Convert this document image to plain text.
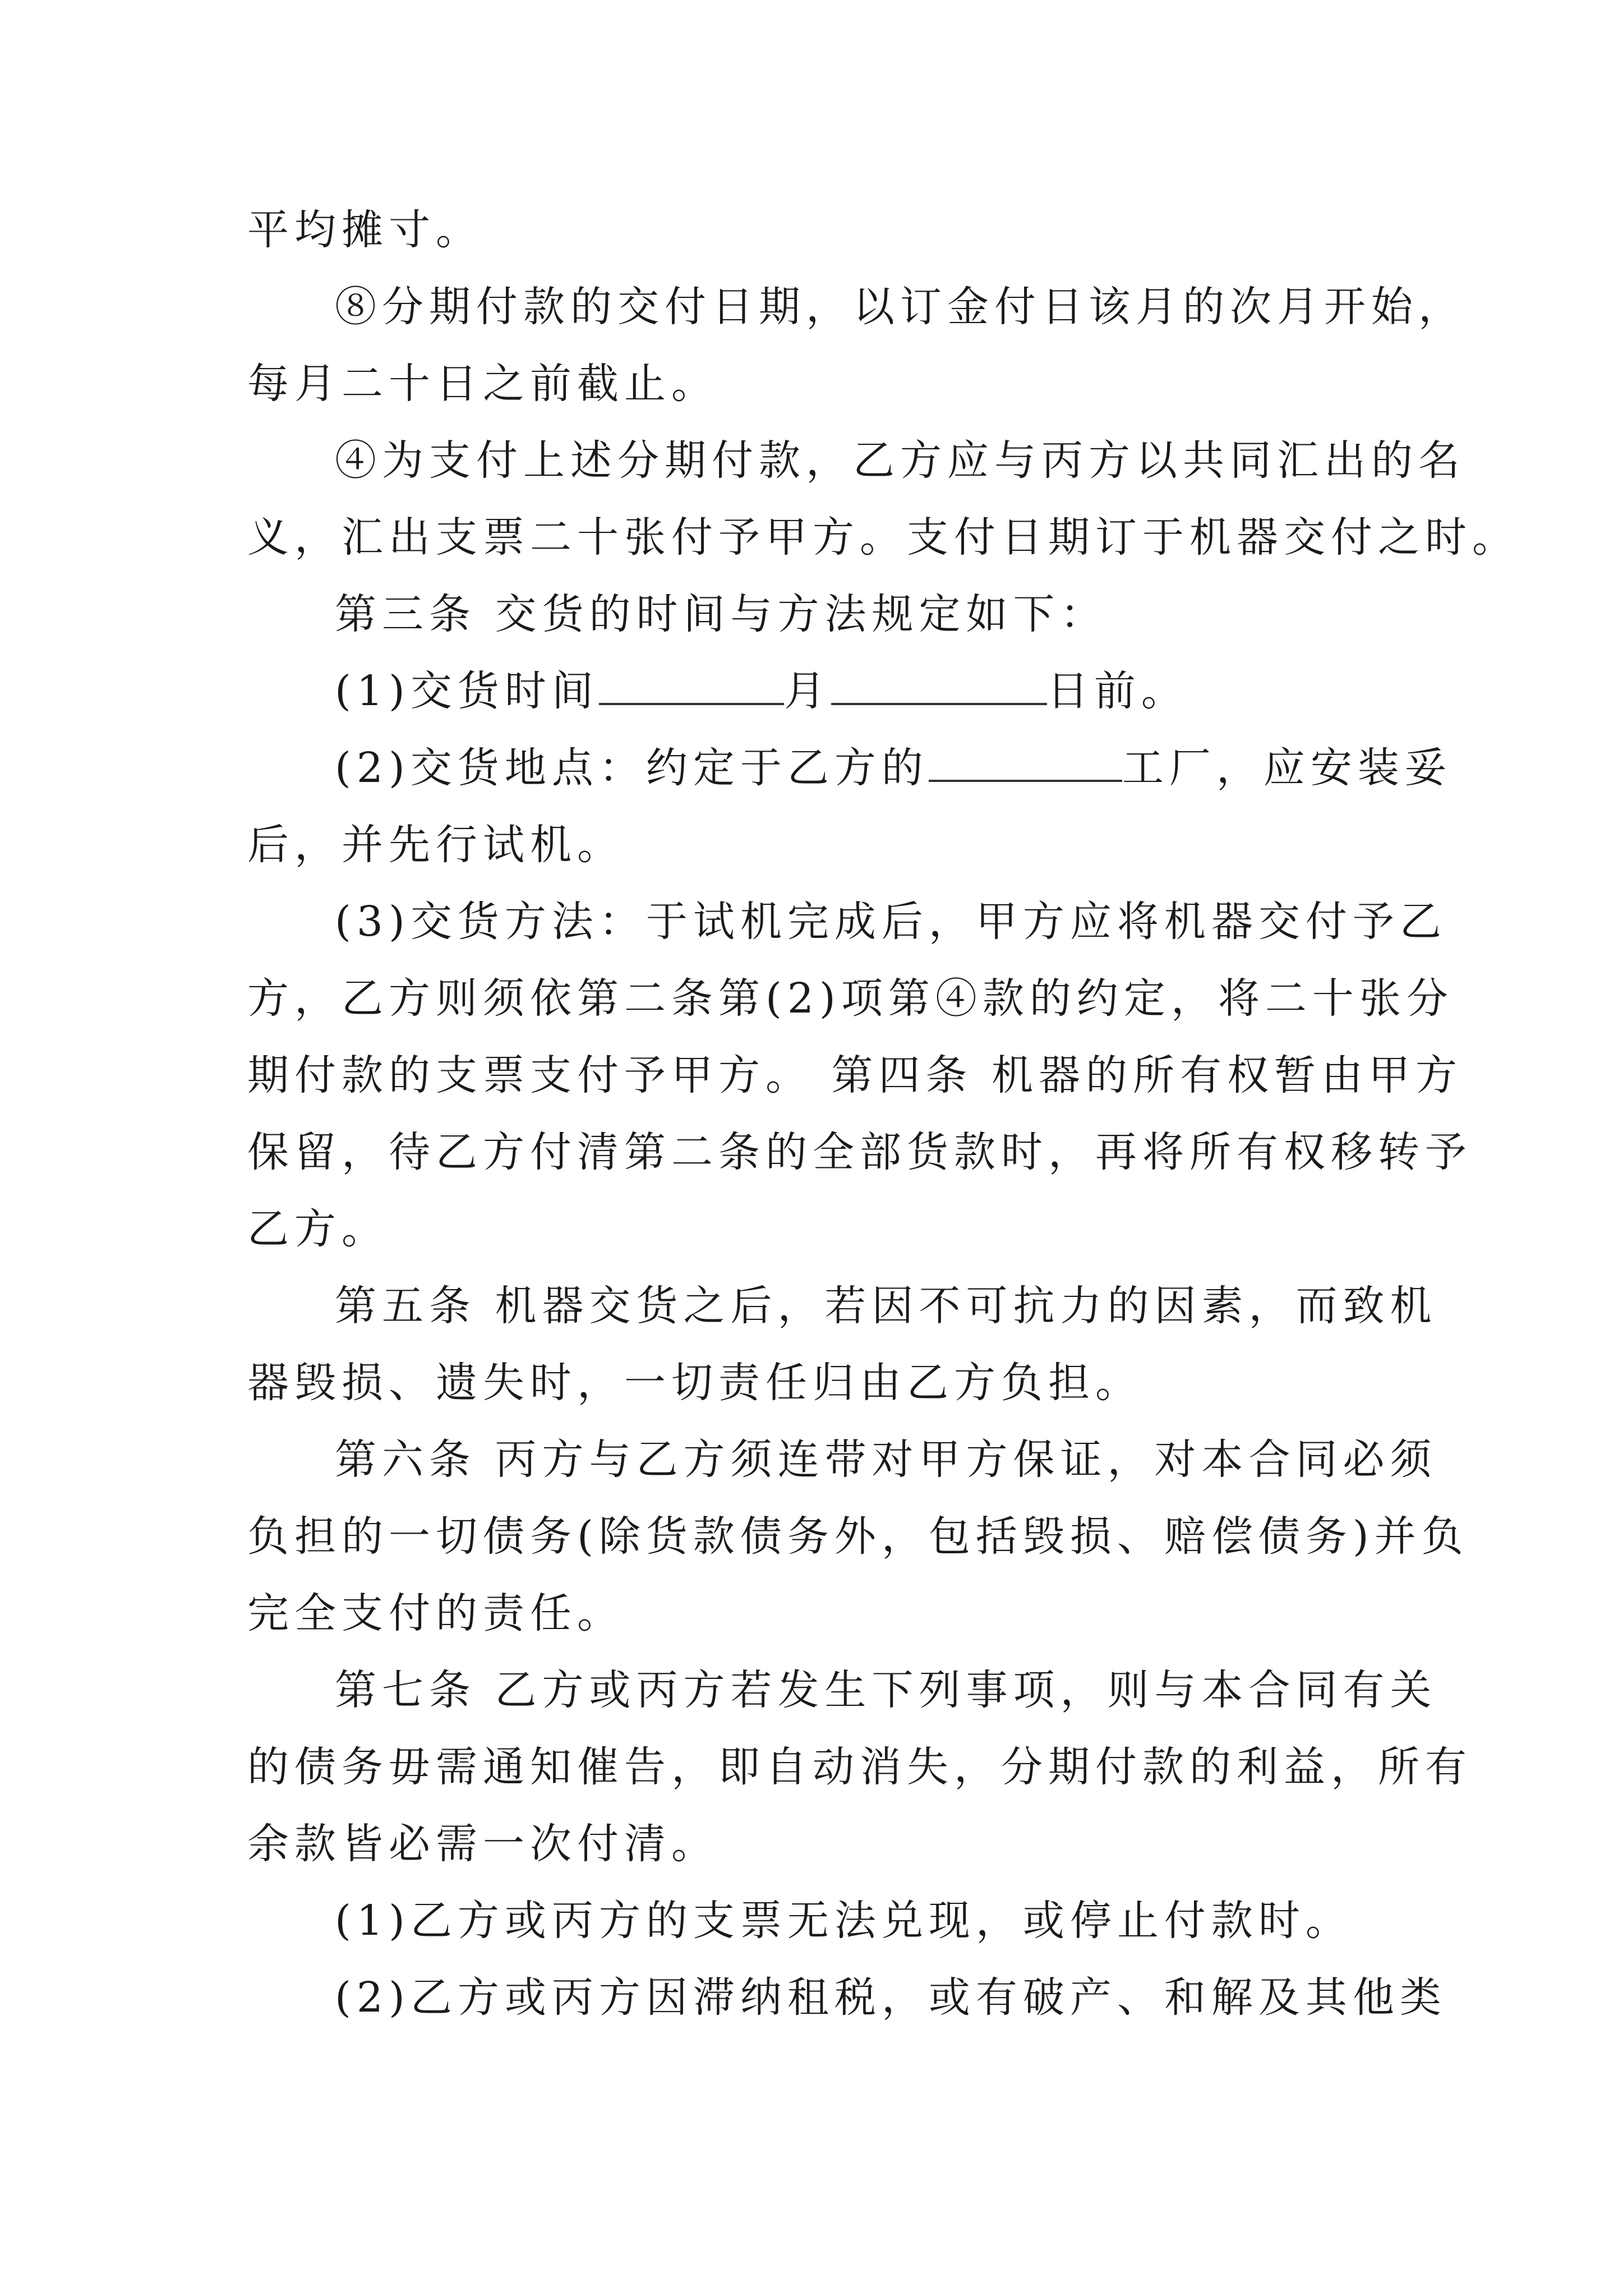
平均摊寸。
⑧分期付款的交付日期，以订金付日该月的次月开始，
每月二十日之前截止。
④为支付上述分期付款，乙方应与丙方以共同汇出的名
义，汇出支票二十张付予甲方。支付日期订于机器交付之时。
第三条 交货的时间与方法规定如下：
(1)交货时间	月	日前。
(2)交货地点：约定于乙方的	工厂，应安装妥
后，并先行试机。
(3)交货方法：于试机完成后，甲方应将机器交付予乙
方，乙方则须依第二条第(2)项第④款的约定，将二十张分
期付款的支票支付予甲方。 第四条 机器的所有权暂由甲方
保留，待乙方付清第二条的全部货款时，再将所有权移转予
乙方。
第五条 机器交货之后，若因不可抗力的因素，而致机
器毁损、遗失时，一切责任归由乙方负担。
第六条 丙方与乙方须连带对甲方保证，对本合同必须
负担的一切债务(除货款债务外，包括毁损、赔偿债务)并负
完全支付的责任。
第七条 乙方或丙方若发生下列事项，则与本合同有关
的债务毋需通知催告，即自动消失，分期付款的利益，所有
余款皆必需一次付清。
(1)乙方或丙方的支票无法兑现，或停止付款时。
(2)乙方或丙方因滞纳租税，或有破产、和解及其他类
